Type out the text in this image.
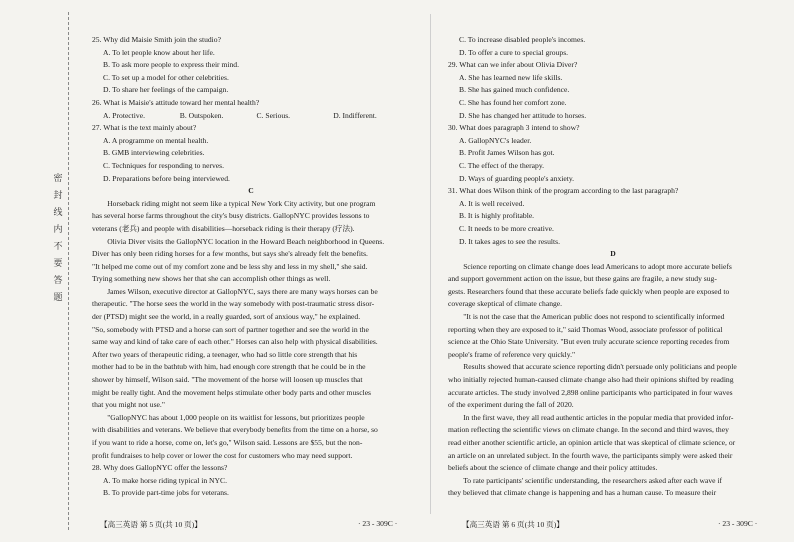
密
封
线
内
不
要
答
题
25. Why did Maisie Smith join the studio?
A. To let people know about her life.
B. To ask more people to express their mind.
C. To set up a model for other celebrities.
D. To share her feelings of the campaign.
26. What is Maisie's attitude toward her mental health?
A. Protective.	B. Outspoken.	C. Serious.	D. Indifferent.
27. What is the text mainly about?
A. A programme on mental health.
B. GMB interviewing celebrities.
C. Techniques for responding to nerves.
D. Preparations before being interviewed.
C
Horseback riding might not seem like a typical New York City activity, but one program
has several horse farms throughout the city's busy districts. GallopNYC provides lessons to
veterans (老兵) and people with disabilities—horseback riding is their therapy (疗法).
Olivia Diver visits the GallopNYC location in the Howard Beach neighborhood in Queens.
Diver has only been riding horses for a few months, but says she's already felt the benefits.
"It helped me come out of my comfort zone and be less shy and less in my shell," she said.
Trying something new shows her that she can accomplish other things as well.
James Wilson, executive director at GallopNYC, says there are many ways horses can be
therapeutic. "The horse sees the world in the way somebody with post-traumatic stress disor-
der (PTSD) might see the world, in a really guarded, sort of anxious way," he explained.
"So, somebody with PTSD and a horse can sort of partner together and see the world in the
same way and kind of take care of each other." Horses can also help with physical disabilities.
After two years of therapeutic riding, a teenager, who had so little core strength that his
mother had to be in the bathtub with him, had enough core strength that he could be in the
shower by himself, Wilson said. "The movement of the horse will loosen up muscles that
might be really tight. And the movement helps stimulate other body parts and other muscles
that you might not use."
"GallopNYC has about 1,000 people on its waitlist for lessons, but prioritizes people
with disabilities and veterans. We believe that everybody benefits from the time on a horse, so
if you want to ride a horse, come on, let's go," Wilson said. Lessons are $55, but the non-
profit fundraises to help cover or lower the cost for customers who may need support.
28. Why does GallopNYC offer the lessons?
A. To make horse riding typical in NYC.
B. To provide part-time jobs for veterans.
【高三英语 第 5 页(共 10 页)】	· 23 - 309C ·
C. To increase disabled people's incomes.
D. To offer a cure to special groups.
29. What can we infer about Olivia Diver?
A. She has learned new life skills.
B. She has gained much confidence.
C. She has found her comfort zone.
D. She has changed her attitude to horses.
30. What does paragraph 3 intend to show?
A. GallopNYC's leader.
B. Profit James Wilson has got.
C. The effect of the therapy.
D. Ways of guarding people's anxiety.
31. What does Wilson think of the program according to the last paragraph?
A. It is well received.
B. It is highly profitable.
C. It needs to be more creative.
D. It takes ages to see the results.
D
Science reporting on climate change does lead Americans to adopt more accurate beliefs
and support government action on the issue, but these gains are fragile, a new study sug-
gests. Researchers found that these accurate beliefs fade quickly when people are exposed to
coverage skeptical of climate change.
"It is not the case that the American public does not respond to scientifically informed
reporting when they are exposed to it," said Thomas Wood, associate professor of political
science at the Ohio State University. "But even truly accurate science reporting recedes from
people's frame of reference very quickly."
Results showed that accurate science reporting didn't persuade only politicians and people
who initially rejected human-caused climate change also had their opinions shifted by reading
accurate articles. The study involved 2,898 online participants who participated in four waves
of the experiment during the fall of 2020.
In the first wave, they all read authentic articles in the popular media that provided infor-
mation reflecting the scientific views on climate change. In the second and third waves, they
read either another scientific article, an opinion article that was skeptical of climate science, or
an article on an unrelated subject. In the fourth wave, the participants simply were asked their
beliefs about the science of climate change and their policy attitudes.
To rate participants' scientific understanding, the researchers asked after each wave if
they believed that climate change is happening and has a human cause. To measure their
【高三英语 第 6 页(共 10 页)】	· 23 - 309C ·
